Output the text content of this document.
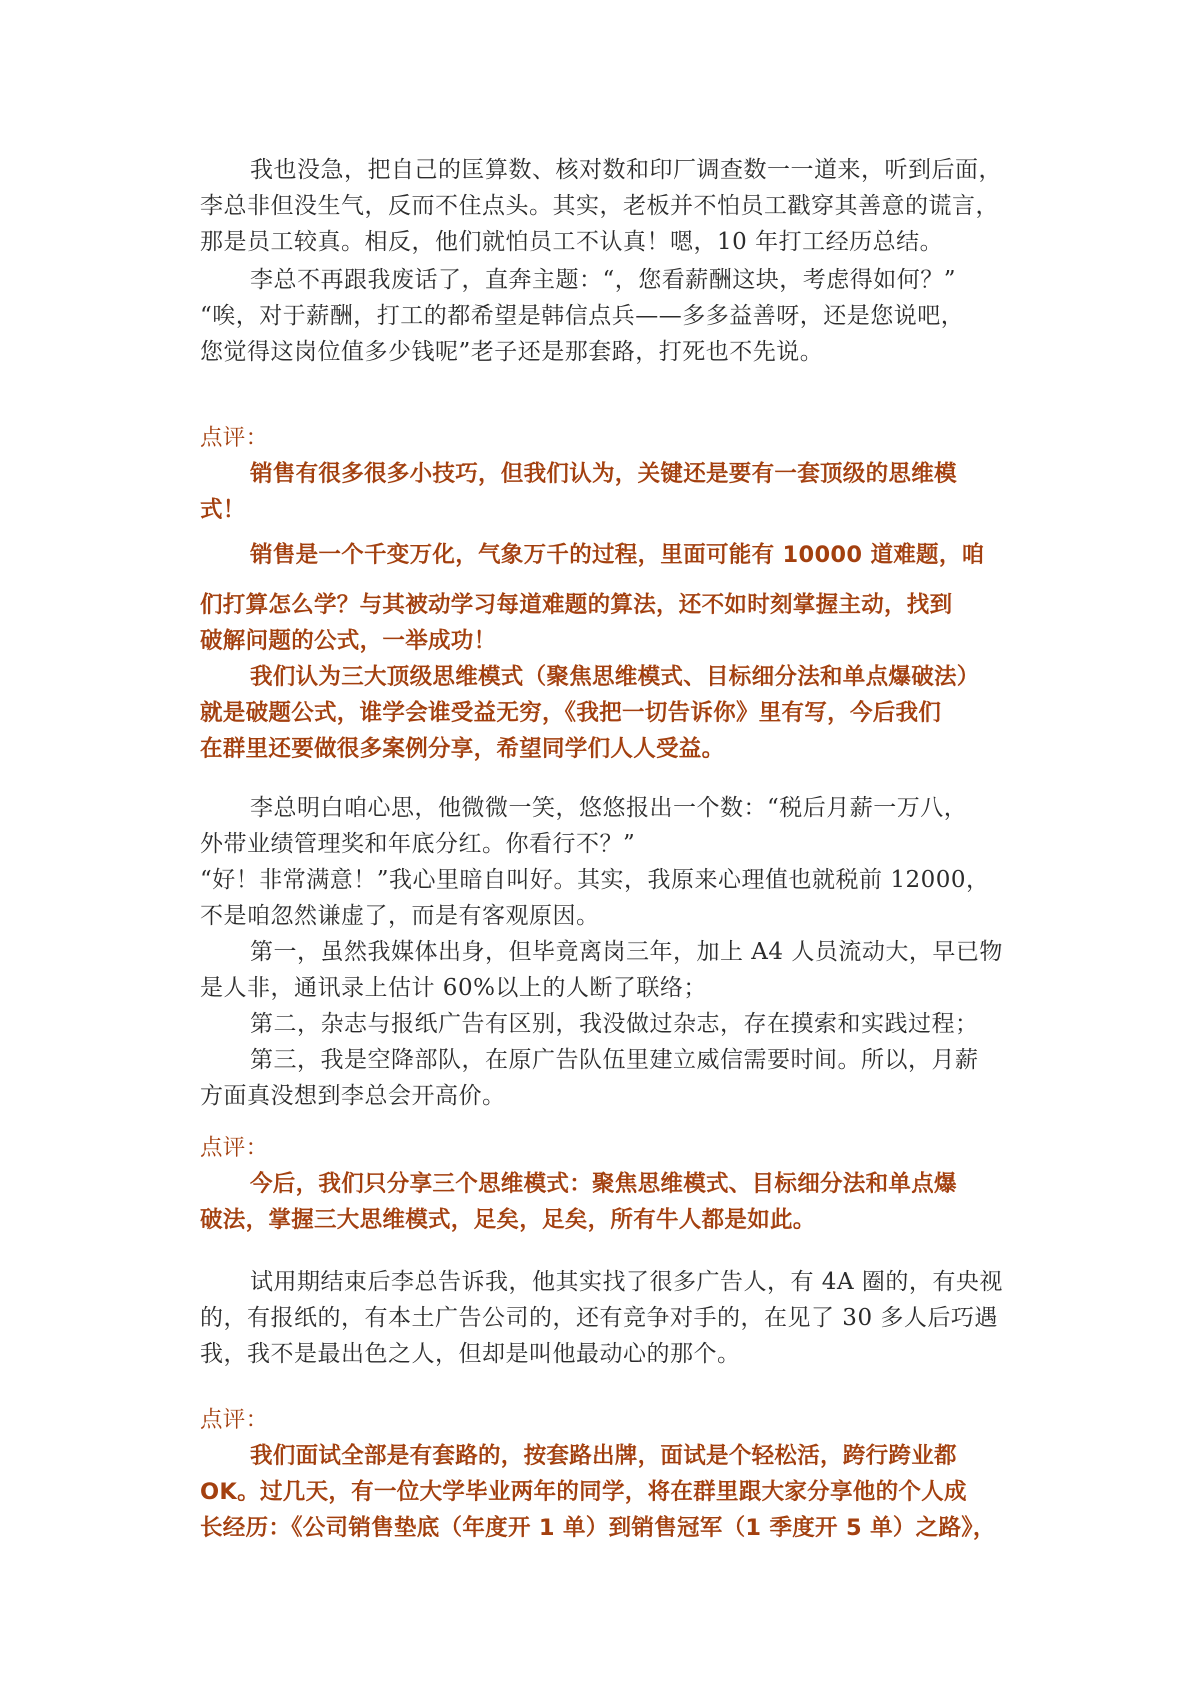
我也没急，把自己的匡算数、核对数和印厂调查数一一道来，听到后面，

李总非但没生气，反而不住点头。其实，老板并不怕员工戳穿其善意的谎言，

那是员工较真。相反，他们就怕员工不认真！嗯，10 年打工经历总结。

李总不再跟我废话了，直奔主题：“，您看薪酬这块，考虑得如何？”

“唉，对于薪酬，打工的都希望是韩信点兵——多多益善呀，还是您说吧，

您觉得这岗位值多少钱呢”老子还是那套路，打死也不先说。

点评：

销售有很多很多小技巧，但我们认为，关键还是要有一套顶级的思维模

式！

销售是一个千变万化，气象万千的过程，里面可能有 10000 道难题，咱

们打算怎么学？与其被动学习每道难题的算法，还不如时刻掌握主动，找到

破解问题的公式，一举成功！

我们认为三大顶级思维模式（聚焦思维模式、目标细分法和单点爆破法）

就是破题公式，谁学会谁受益无穷，《我把一切告诉你》里有写，今后我们

在群里还要做很多案例分享，希望同学们人人受益。

李总明白咱心思，他微微一笑，悠悠报出一个数：“税后月薪一万八，

外带业绩管理奖和年底分红。你看行不？”

“好！非常满意！”我心里暗自叫好。其实，我原来心理值也就税前 12000，

不是咱忽然谦虚了，而是有客观原因。

第一，虽然我媒体出身，但毕竟离岗三年，加上 A4 人员流动大，早已物

是人非，通讯录上估计 60%以上的人断了联络；

第二，杂志与报纸广告有区别，我没做过杂志，存在摸索和实践过程；

第三，我是空降部队，在原广告队伍里建立威信需要时间。所以，月薪

方面真没想到李总会开高价。

点评：

今后，我们只分享三个思维模式：聚焦思维模式、目标细分法和单点爆

破法，掌握三大思维模式，足矣，足矣，所有牛人都是如此。

试用期结束后李总告诉我，他其实找了很多广告人，有 4A 圈的，有央视

的，有报纸的，有本土广告公司的，还有竞争对手的，在见了 30 多人后巧遇

我，我不是最出色之人，但却是叫他最动心的那个。

点评：

我们面试全部是有套路的，按套路出牌，面试是个轻松活，跨行跨业都

OK。过几天，有一位大学毕业两年的同学，将在群里跟大家分享他的个人成

长经历：《公司销售垫底（年度开 1 单）到销售冠军（1 季度开 5 单）之路》，
